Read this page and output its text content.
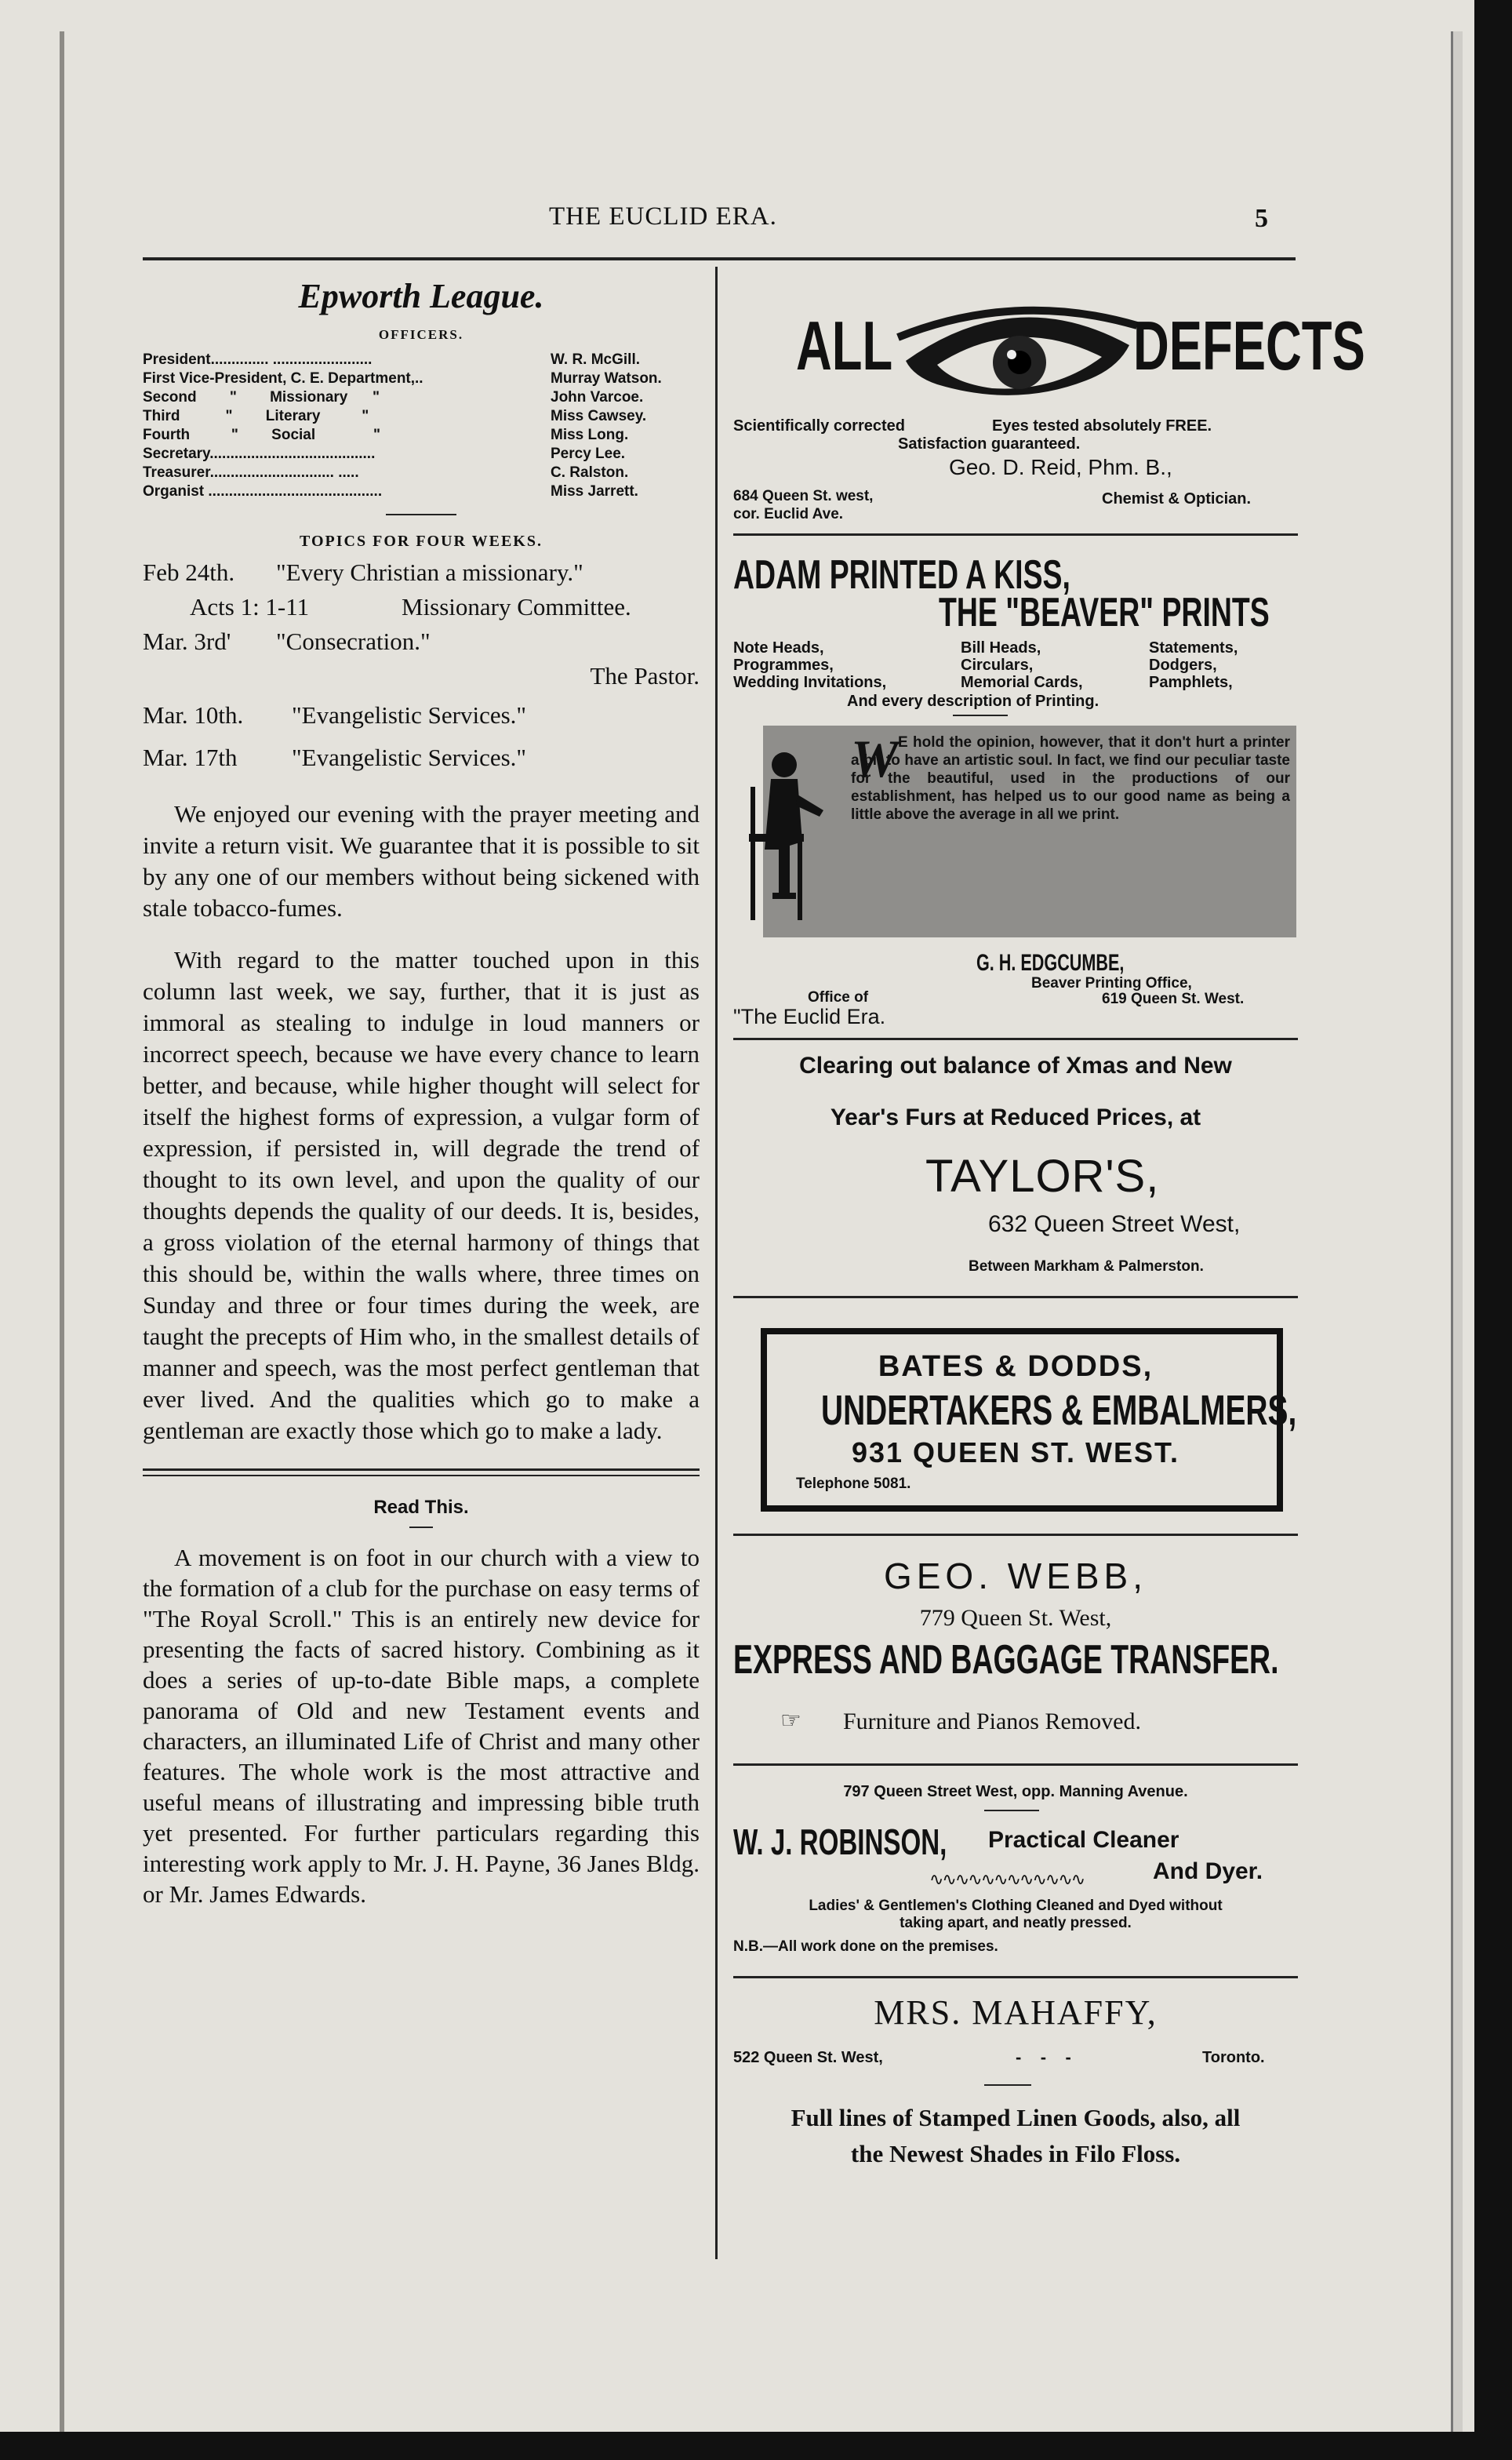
THE EUCLID ERA.	5
Epworth League.
OFFICERS.
President.............. ........................	W. R. McGill.
First Vice-President, C. E. Department,..	Murray Watson.
Second        "        Missionary      "	John Varcoe.
Third           "        Literary          "	Miss Cawsey.
Fourth          "        Social              "	Miss Long.
Secretary........................................	Percy Lee.
Treasurer.............................. .....	C. Ralston.
Organist ..........................................	Miss Jarrett.
TOPICS FOR FOUR WEEKS.
Feb 24th. "Every Christian a missionary."
Acts 1: 1-11	Missionary Committee.
Mar. 3rd' "Consecration."
The Pastor.
Mar. 10th. "Evangelistic Services."
Mar. 17th "Evangelistic Services."
We enjoyed our evening with the prayer meeting and invite a return visit. We guarantee that it is possible to sit by any one of our members without being sickened with stale tobacco-fumes.
With regard to the matter touched upon in this column last week, we say, further, that it is just as immoral as stealing to indulge in loud manners or incorrect speech, because we have every chance to learn better, and because, while higher thought will select for itself the highest forms of expression, a vulgar form of expression, if persisted in, will degrade the trend of thought to its own level, and upon the quality of our thoughts depends the quality of our deeds. It is, besides, a gross violation of the eternal harmony of things that this should be, within the walls where, three times on Sunday and three or four times during the week, are taught the precepts of Him who, in the smallest details of manner and speech, was the most perfect gentleman that ever lived. And the qualities which go to make a gentleman are exactly those which go to make a lady.
Read This.
A movement is on foot in our church with a view to the formation of a club for the purchase on easy terms of "The Royal Scroll." This is an entirely new device for presenting the facts of sacred history. Combining as it does a series of up-to-date Bible maps, a complete panorama of Old and new Testament events and characters, an illuminated Life of Christ and many other features. The whole work is the most attractive and useful means of illustrating and impressing bible truth yet presented. For further particulars regarding this interesting work apply to Mr. J. H. Payne, 36 Janes Bldg. or Mr. James Edwards.
ALL	DEFECTS
Scientifically corrected	Eyes tested absolutely FREE.
Satisfaction guaranteed.
Geo. D. Reid, Phm. B.,
684 Queen St. west,
cor. Euclid Ave.
Chemist & Optician.
ADAM PRINTED A KISS,
THE "BEAVER" PRINTS
Note Heads,	Bill Heads,	Statements,
Programmes,	Circulars,	Dodgers,
Wedding Invitations,	Memorial Cards,	Pamphlets,
And every description of Printing.
W E hold the opinion, however, that it don't hurt a printer a bit to have an artistic soul. In fact, we find our peculiar taste for the beautiful, used in the productions of our establishment, has helped us to our good name as being a little above the average in all we print.
G. H. EDGCUMBE,
Beaver Printing Office,
Office of	619 Queen St. West.
"The Euclid Era.
Clearing out balance of Xmas and New
Year's Furs at Reduced Prices, at
TAYLOR'S,
632 Queen Street West,
Between Markham & Palmerston.
BATES & DODDS,
UNDERTAKERS & EMBALMERS,
931 QUEEN ST. WEST.
Telephone 5081.
GEO. WEBB,
779 Queen St. West,
EXPRESS AND BAGGAGE TRANSFER.
☞ Furniture and Pianos Removed.
797 Queen Street West, opp. Manning Avenue.
W. J. ROBINSON, Practical Cleaner
And Dyer.
∿∿∿∿∿∿∿∿∿∿∿∿
Ladies' & Gentlemen's Clothing Cleaned and Dyed without
taking apart, and neatly pressed.
N.B.—All work done on the premises.
MRS. MAHAFFY,
522 Queen St. West,	-    -    -	Toronto.
Full lines of Stamped Linen Goods, also, all
the Newest Shades in Filo Floss.
